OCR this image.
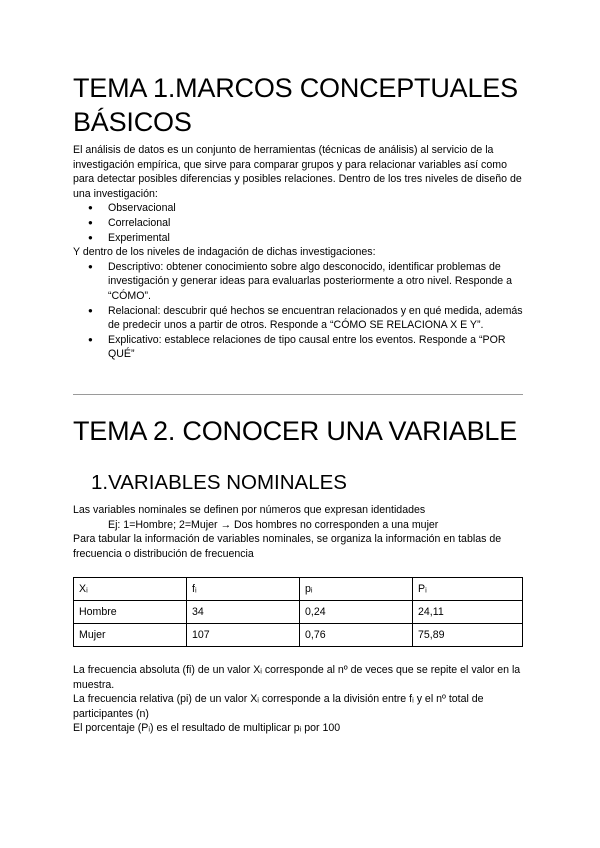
TEMA 1.MARCOS CONCEPTUALES BÁSICOS

El análisis de datos es un conjunto de herramientas (técnicas de análisis) al servicio de la investigación empírica, que sirve para comparar grupos y para relacionar variables así como para detectar posibles diferencias y posibles relaciones. Dentro de los tres niveles de diseño de una investigación:

● Observacional
● Correlacional
● Experimental

Y dentro de los niveles de indagación de dichas investigaciones:

● Descriptivo: obtener conocimiento sobre algo desconocido, identificar problemas de investigación y generar ideas para evaluarlas posteriormente a otro nivel. Responde a “CÓMO”.
● Relacional: descubrir qué hechos se encuentran relacionados y en qué medida, además de predecir unos a partir de otros. Responde a “CÓMO SE RELACIONA X E Y”.
● Explicativo: establece relaciones de tipo causal entre los eventos. Responde a “POR QUÉ”
TEMA 2. CONOCER UNA VARIABLE
1.VARIABLES NOMINALES

Las variables nominales se definen por números que expresan identidades

Ej: 1=Hombre; 2=Mujer → Dos hombres no corresponden a una mujer

Para tabular la información de variables nominales, se organiza la información en tablas de frecuencia o distribución de frecuencia

Xᵢ	fᵢ	pᵢ	Pᵢ
Hombre	34	0,24	24,11
Mujer	107	0,76	75,89

La frecuencia absoluta (fi) de un valor Xᵢ corresponde al nº de veces que se repite el valor en la muestra.

La frecuencia relativa (pi) de un valor Xᵢ corresponde a la división entre fᵢ y el nº total de participantes (n)

El porcentaje (Pᵢ) es el resultado de multiplicar pᵢ por 100
